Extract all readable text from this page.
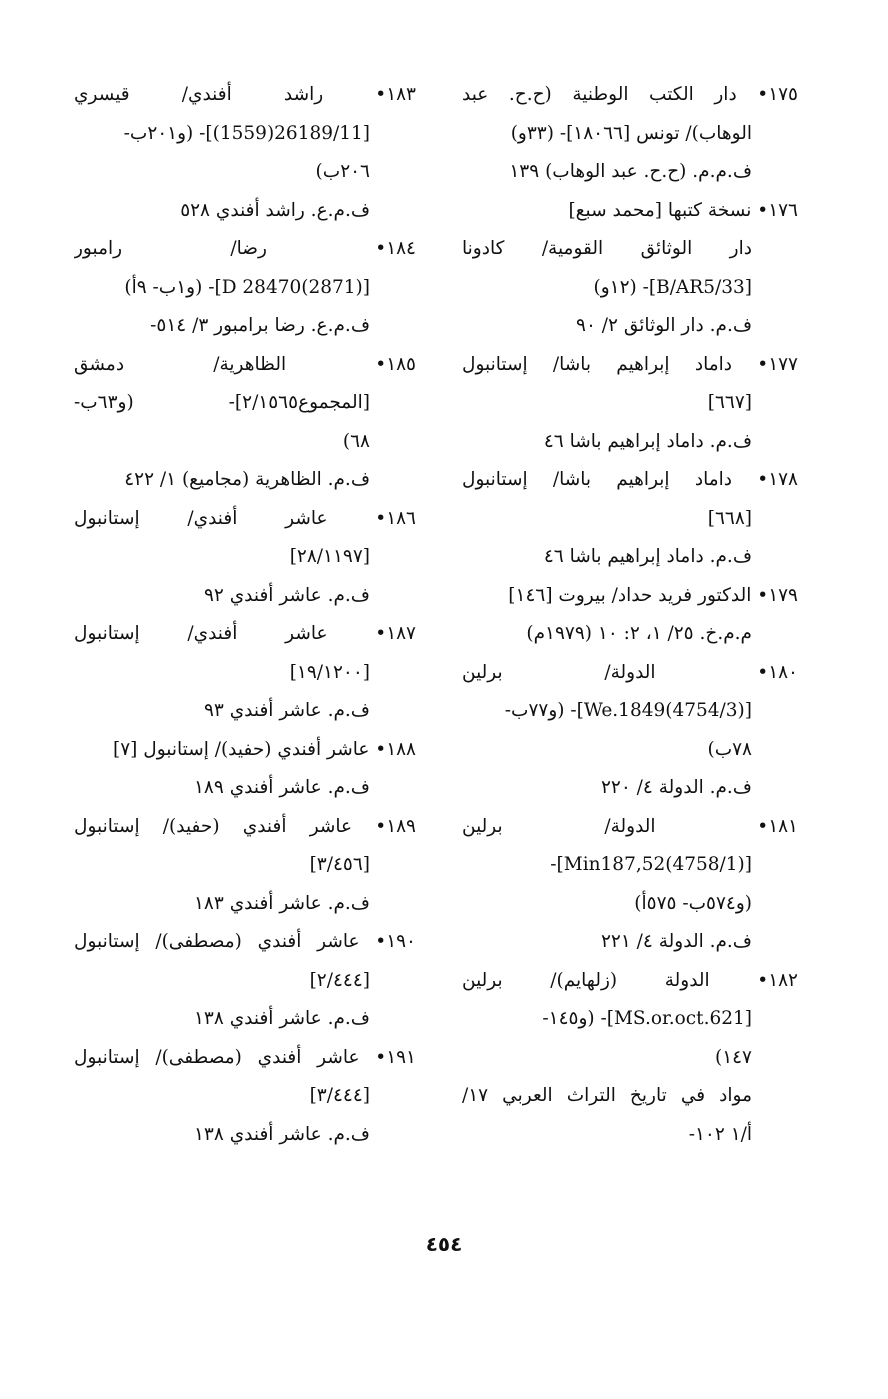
١٧٥• دار الكتب الوطنية (ح.ح. عبد
الوهاب)/ تونس [١٨٠٦٦]- (٣٣و)
ف.م.م. (ح.ح. عبد الوهاب) ١٣٩
١٧٦• نسخة كتبها [محمد سبع]
دار الوثائق القومية/ كادونا
[B/AR5/33]- (١٢و)
ف.م. دار الوثائق ٢/ ٩٠
١٧٧• داماد إبراهيم باشا/ إستانبول
[٦٦٧]
ف.م. داماد إبراهيم باشا ٤٦
١٧٨• داماد إبراهيم باشا/ إستانبول
[٦٦٨]
ف.م. داماد إبراهيم باشا ٤٦
١٧٩• الدكتور فريد حداد/ بيروت [١٤٦]
م.م.خ. ٢٥/ ١، ٢: ١٠ (١٩٧٩م)
١٨٠• الدولة/ برلين
[We.1849(4754/3)]- (و٧٧ب-
٧٨ب)
ف.م. الدولة ٤/ ٢٢٠
١٨١• الدولة/ برلين
[Min187,52(4758/1)]-
(و٥٧٤ب- ٥٧٥أ)
ف.م. الدولة ٤/ ٢٢١
١٨٢• الدولة (زلهايم)/ برلين
[MS.or.oct.621]- (و١٤٥-
١٤٧)
مواد في تاريخ التراث العربي ١٧/
أ/١ ١٠٢-
١٨٣• راشد أفندي/ قيسري
[26189/11(1559)]- (و٢٠١ب-
٢٠٦ب)
ف.م.ع. راشد أفندي ٥٢٨
١٨٤• رضا/ رامبور
[D 28470(2871)]- (و١ب- ٩أ)
ف.م.ع. رضا برامبور ٣/ ٥١٤-
١٨٥• الظاهرية/ دمشق
[المجموع٢/١٥٦٥]- (و٦٣ب-
٦٨)
ف.م. الظاهرية (مجاميع) ١/ ٤٢٢
١٨٦• عاشر أفندي/ إستانبول
[٢٨/١١٩٧]
ف.م. عاشر أفندي ٩٢
١٨٧• عاشر أفندي/ إستانبول
[١٩/١٢٠٠]
ف.م. عاشر أفندي ٩٣
١٨٨• عاشر أفندي (حفيد)/ إستانبول [٧]
ف.م. عاشر أفندي ١٨٩
١٨٩• عاشر أفندي (حفيد)/ إستانبول
[٣/٤٥٦]
ف.م. عاشر أفندي ١٨٣
١٩٠• عاشر أفندي (مصطفى)/ إستانبول
[٢/٤٤٤]
ف.م. عاشر أفندي ١٣٨
١٩١• عاشر أفندي (مصطفى)/ إستانبول
[٣/٤٤٤]
ف.م. عاشر أفندي ١٣٨
٤٥٤
